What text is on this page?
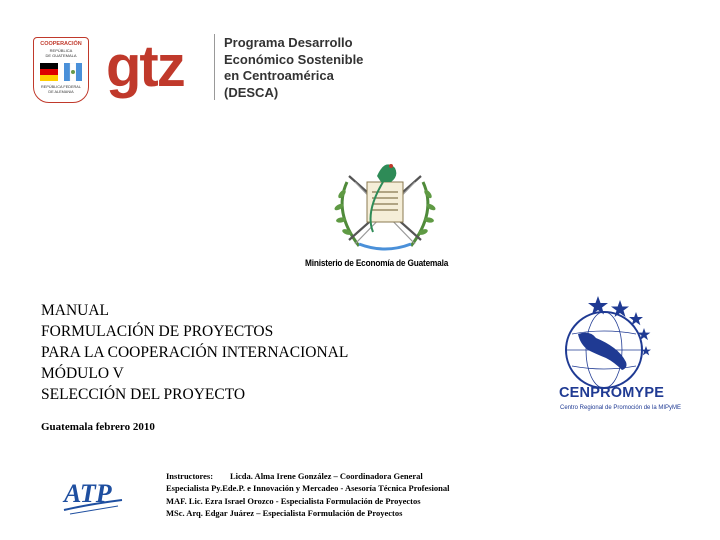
COOPERACIÓN
REPÚBLICA
DE GUATEMALA
REPÚBLICA FEDERAL
DE ALEMANIA gtz	Programa Desarrollo
Económico Sostenible
en Centroamérica
(DESCA)
Ministerio de Economía de Guatemala
MANUAL
FORMULACIÓN DE PROYECTOS
PARA LA COOPERACIÓN INTERNACIONAL
MÓDULO V
SELECCIÓN DEL PROYECTO
Guatemala febrero 2010
CENPROMYPE
Centro Regional de Promoción de la MIPyME
ATP
Instructores: Licda. Alma Irene González – Coordinadora General
Especialista Py.Ede.P. e Innovación y Mercadeo - Asesoría Técnica Profesional
MAF. Lic. Ezra Israel Orozco - Especialista Formulación de Proyectos
MSc. Arq. Edgar Juárez – Especialista Formulación de Proyectos
